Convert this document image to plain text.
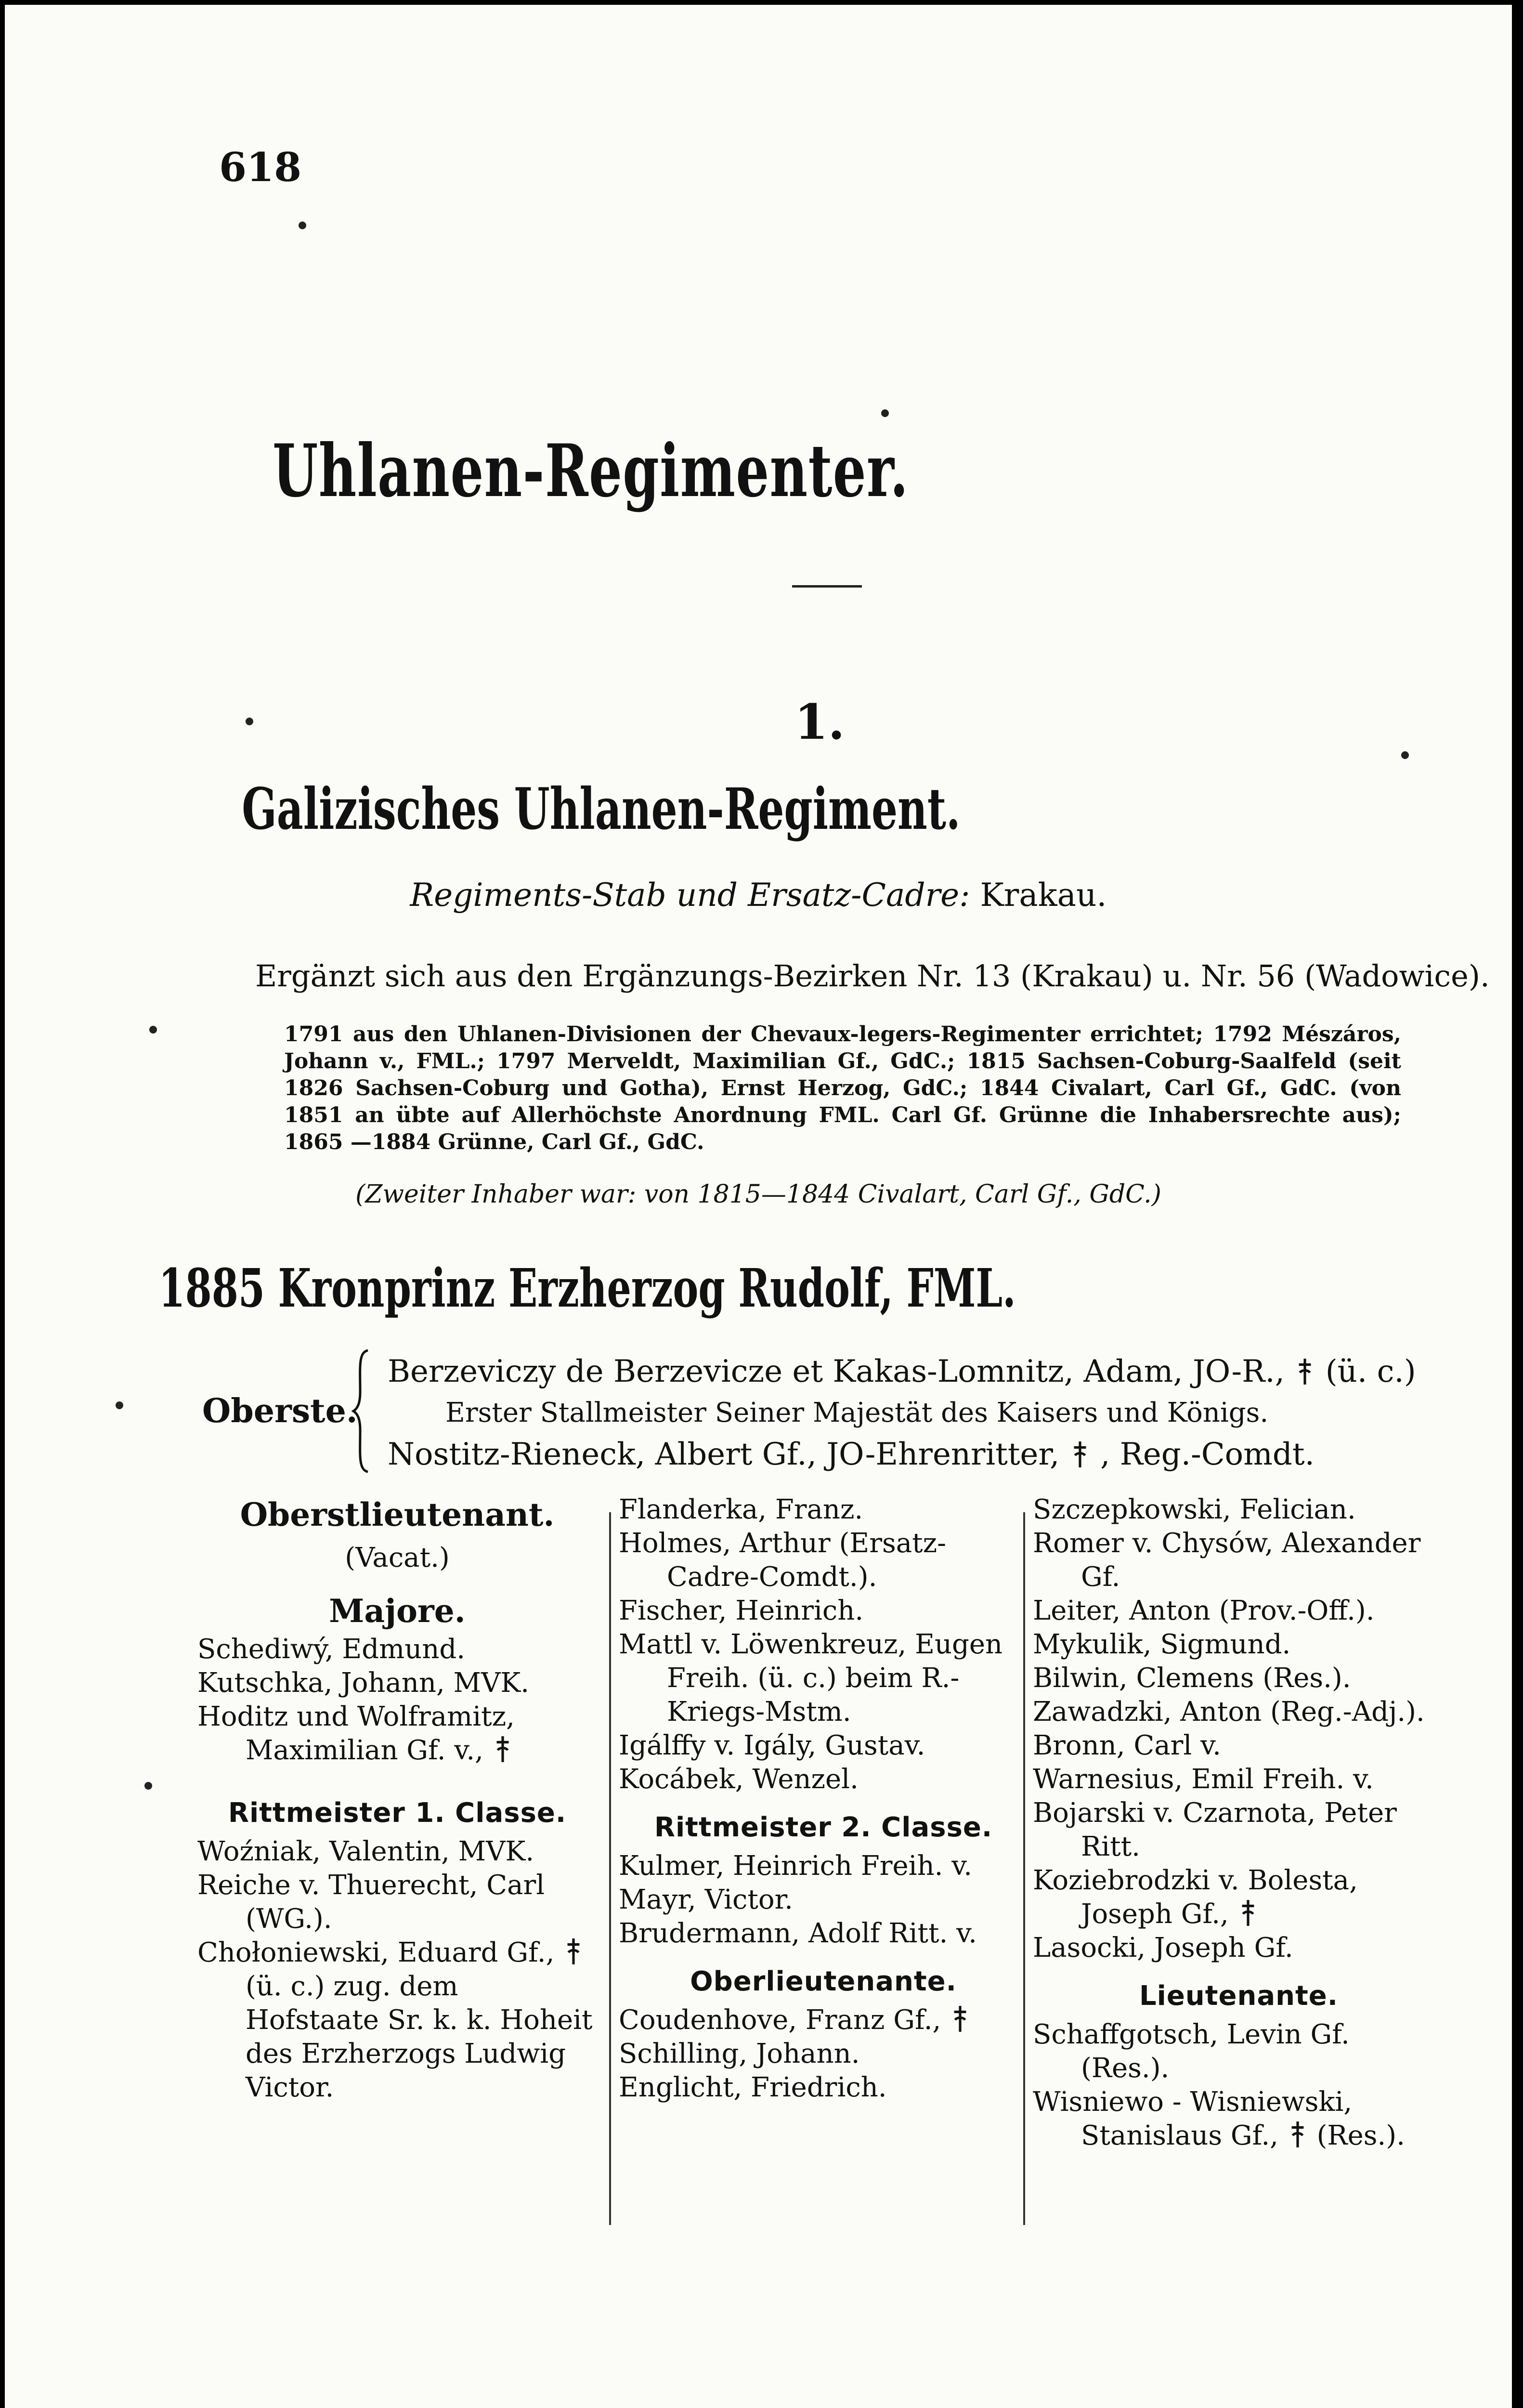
618
Uhlanen-Regimenter.
1.
Galizisches Uhlanen-Regiment.
Regiments-Stab und Ersatz-Cadre: Krakau.
Ergänzt sich aus den Ergänzungs-Bezirken Nr. 13 (Krakau) u. Nr. 56 (Wadowice).
1791 aus den Uhlanen-Divisionen der Chevaux-legers-Regimenter errichtet; 1792 Mészáros, Johann v., FML.; 1797 Merveldt, Maximilian Gf., GdC.; 1815 Sachsen-Coburg-Saalfeld (seit 1826 Sachsen-Coburg und Gotha), Ernst Herzog, GdC.; 1844 Civalart, Carl Gf., GdC. (von 1851 an übte auf Allerhöchste Anordnung FML. Carl Gf. Grünne die Inhabersrechte aus); 1865 —1884 Grünne, Carl Gf., GdC.
(Zweiter Inhaber war: von 1815—1844 Civalart, Carl Gf., GdC.)
1885 Kronprinz Erzherzog Rudolf, FML.
Oberste.
Berzeviczy de Berzevicze et Kakas-Lomnitz, Adam, JO-R., (ü. c.)
Erster Stallmeister Seiner Majestät des Kaisers und Königs.
Nostitz-Rieneck, Albert Gf., JO-Ehrenritter, , Reg.-Comdt.
Oberstlieutenant.
(Vacat.)
Majore.
Schediwý, Edmund.
Kutschka, Johann, MVK.
Hoditz und Wolframitz, Maximilian Gf. v.,
Rittmeister 1. Classe.
Woźniak, Valentin, MVK.
Reiche v. Thuerecht, Carl (WG.).
Chołoniewski, Eduard Gf.,  (ü. c.) zug. dem Hofstaate Sr. k. k. Hoheit des Erzherzogs Ludwig Victor.
Flanderka, Franz.
Holmes, Arthur (Ersatz-Cadre-Comdt.).
Fischer, Heinrich.
Mattl v. Löwenkreuz, Eugen Freih. (ü. c.) beim R.-Kriegs-Mstm.
Igálffy v. Igály, Gustav.
Kocábek, Wenzel.
Rittmeister 2. Classe.
Kulmer, Heinrich Freih. v.
Mayr, Victor.
Brudermann, Adolf Ritt. v.
Oberlieutenante.
Coudenhove, Franz Gf.,
Schilling, Johann.
Englicht, Friedrich.
Szczepkowski, Felician.
Romer v. Chysów, Alexander Gf.
Leiter, Anton (Prov.-Off.).
Mykulik, Sigmund.
Bilwin, Clemens (Res.).
Zawadzki, Anton (Reg.-Adj.).
Bronn, Carl v.
Warnesius, Emil Freih. v.
Bojarski v. Czarnota, Peter Ritt.
Koziebrodzki v. Bolesta, Joseph Gf.,
Lasocki, Joseph Gf.
Lieutenante.
Schaffgotsch, Levin Gf. (Res.).
Wisniewo - Wisniewski, Stanislaus Gf., (Res.).
